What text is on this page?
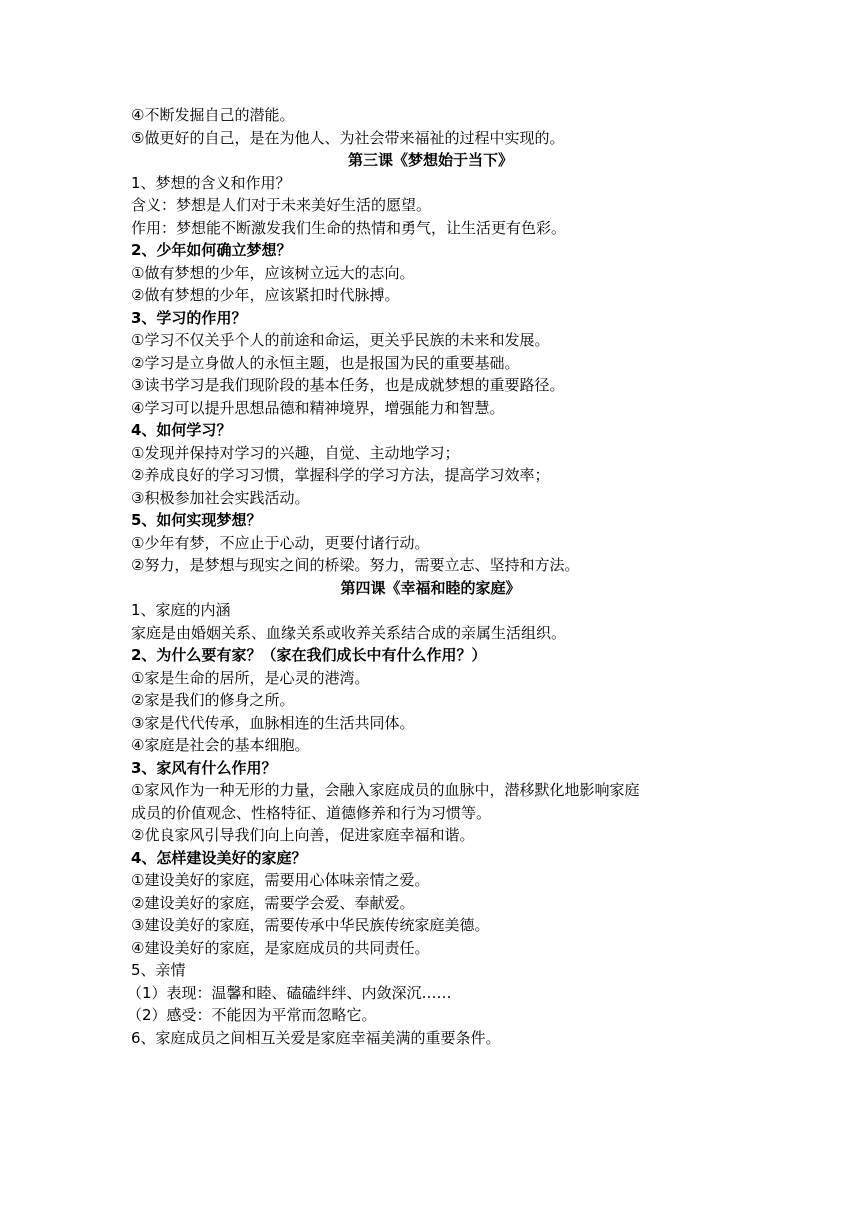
④不断发掘自己的潜能。
⑤做更好的自己，是在为他人、为社会带来福祉的过程中实现的。
第三课《梦想始于当下》
1、梦想的含义和作用？
含义：梦想是人们对于未来美好生活的愿望。
作用：梦想能不断激发我们生命的热情和勇气，让生活更有色彩。
2、少年如何确立梦想？
①做有梦想的少年，应该树立远大的志向。
②做有梦想的少年，应该紧扣时代脉搏。
3、学习的作用？
①学习不仅关乎个人的前途和命运，更关乎民族的未来和发展。
②学习是立身做人的永恒主题，也是报国为民的重要基础。
③读书学习是我们现阶段的基本任务，也是成就梦想的重要路径。
④学习可以提升思想品德和精神境界，增强能力和智慧。
4、如何学习？
①发现并保持对学习的兴趣，自觉、主动地学习；
②养成良好的学习习惯，掌握科学的学习方法，提高学习效率；
③积极参加社会实践活动。
5、如何实现梦想？
①少年有梦，不应止于心动，更要付诸行动。
②努力，是梦想与现实之间的桥梁。努力，需要立志、坚持和方法。
第四课《幸福和睦的家庭》
1、家庭的内涵
家庭是由婚姻关系、血缘关系或收养关系结合成的亲属生活组织。
2、为什么要有家？（家在我们成长中有什么作用？）
①家是生命的居所，是心灵的港湾。
②家是我们的修身之所。
③家是代代传承，血脉相连的生活共同体。
④家庭是社会的基本细胞。
3、家风有什么作用？
①家风作为一种无形的力量，会融入家庭成员的血脉中，潜移默化地影响家庭
成员的价值观念、性格特征、道德修养和行为习惯等。
②优良家风引导我们向上向善，促进家庭幸福和谐。
4、怎样建设美好的家庭？
①建设美好的家庭，需要用心体味亲情之爱。
②建设美好的家庭，需要学会爱、奉献爱。
③建设美好的家庭，需要传承中华民族传统家庭美德。
④建设美好的家庭，是家庭成员的共同责任。
5、亲情
（1）表现：温馨和睦、磕磕绊绊、内敛深沉……
（2）感受：不能因为平常而忽略它。
6、家庭成员之间相互关爱是家庭幸福美满的重要条件。
